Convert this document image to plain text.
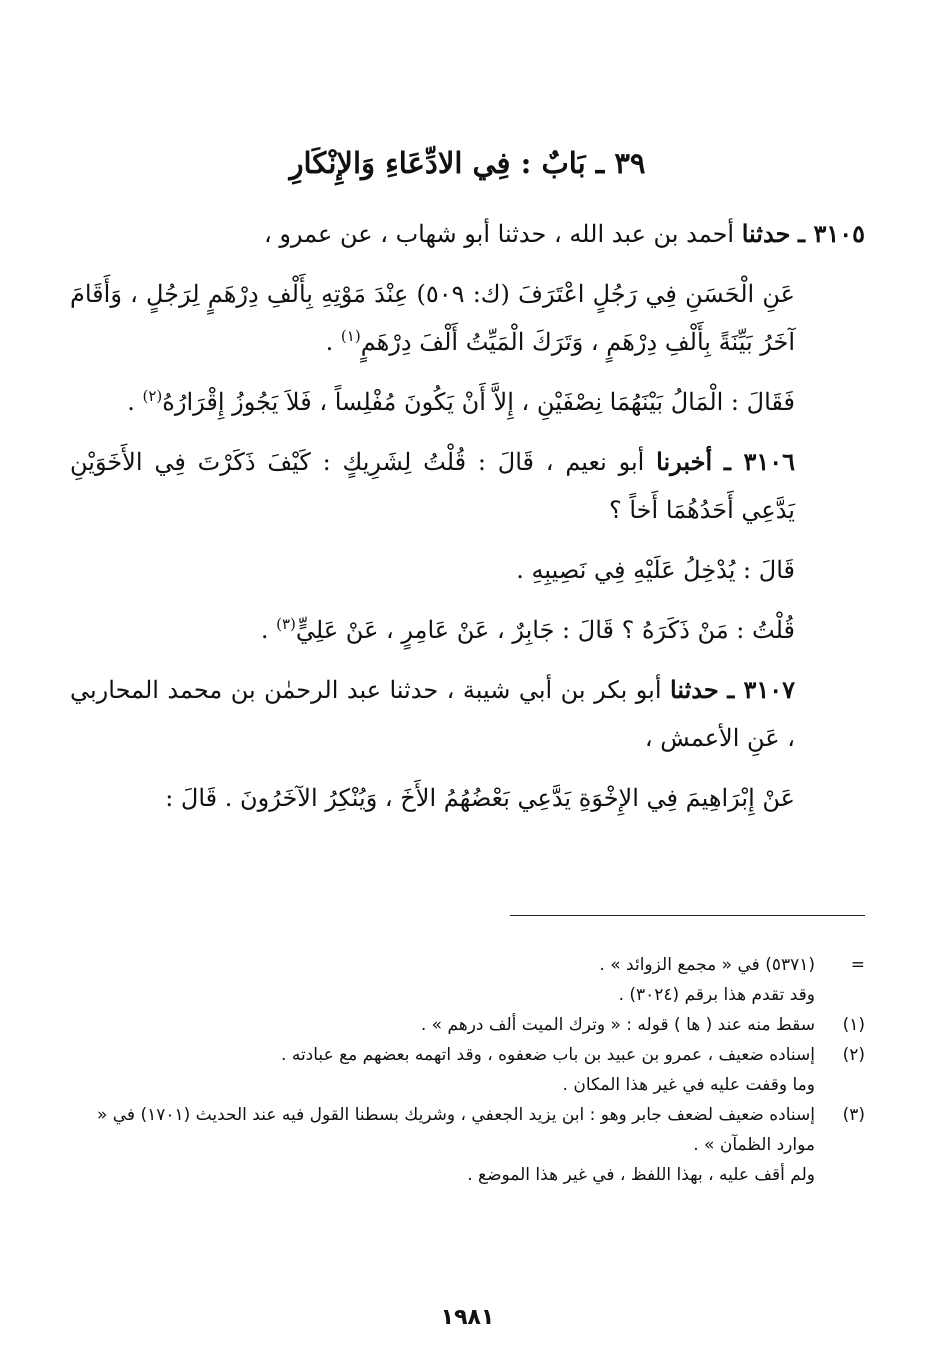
٣٩ ـ بَابٌ : فِي الادِّعَاءِ وَالإِنْكَارِ

٣١٠٥ ـ حدثنا أحمد بن عبد الله ، حدثنا أبو شهاب ، عن عمرو ،

عَنِ الْحَسَنِ فِي رَجُلٍ اعْتَرَفَ (ك: ٥٠٩) عِنْدَ مَوْتِهِ بِأَلْفِ دِرْهَمٍ لِرَجُلٍ ، وَأَقَامَ آخَرُ بَيِّنَةً بِأَلْفِ دِرْهَمٍ ، وَتَرَكَ الْمَيِّتُ أَلْفَ دِرْهَمٍ$^{(١)}$ .

فَقَالَ : الْمَالُ بَيْنَهُمَا نِصْفَيْنِ ، إِلاَّ أَنْ يَكُونَ مُفْلِساً ، فَلاَ يَجُوزُ إِقْرَارُهُ$^{(٢)}$ .

٣١٠٦ ـ أخبرنا أبو نعيم ، قَالَ : قُلْتُ لِشَرِيكٍ : كَيْفَ ذَكَرْتَ فِي الأَخَوَيْنِ يَدَّعِي أَحَدُهُمَا أَخاً ؟

قَالَ : يُدْخِلُ عَلَيْهِ فِي نَصِيبِهِ .

قُلْتُ : مَنْ ذَكَرَهُ ؟ قَالَ : جَابِرٌ ، عَنْ عَامِرٍ ، عَنْ عَلِيٍّ$^{(٣)}$ .

٣١٠٧ ـ حدثنا أبو بكر بن أبي شيبة ، حدثنا عبد الرحمٰن بن محمد المحاربي ، عَنِ الأعمش ،

عَنْ إِبْرَاهِيمَ فِي الإِخْوَةِ يَدَّعِي بَعْضُهُمُ الأَخَ ، وَيُنْكِرُ الآخَرُونَ . قَالَ :

=
(٥٣٧١) في « مجمع الزوائد » .
وقد تقدم هذا برقم (٣٠٢٤) .
(١)
سقط منه عند ( ها ) قوله : « وترك الميت ألف درهم » .
(٢)
إسناده ضعيف ، عمرو بن عبيد بن باب ضعفوه ، وقد اتهمه بعضهم مع عبادته .
وما وقفت عليه في غير هذا المكان .
(٣)
إسناده ضعيف لضعف جابر وهو : ابن يزيد الجعفي ، وشريك بسطنا القول فيه عند الحديث (١٧٠١) في « موارد الظمآن » .
ولم أقف عليه ، بهذا اللفظ ، في غير هذا الموضع .
١٩٨١
